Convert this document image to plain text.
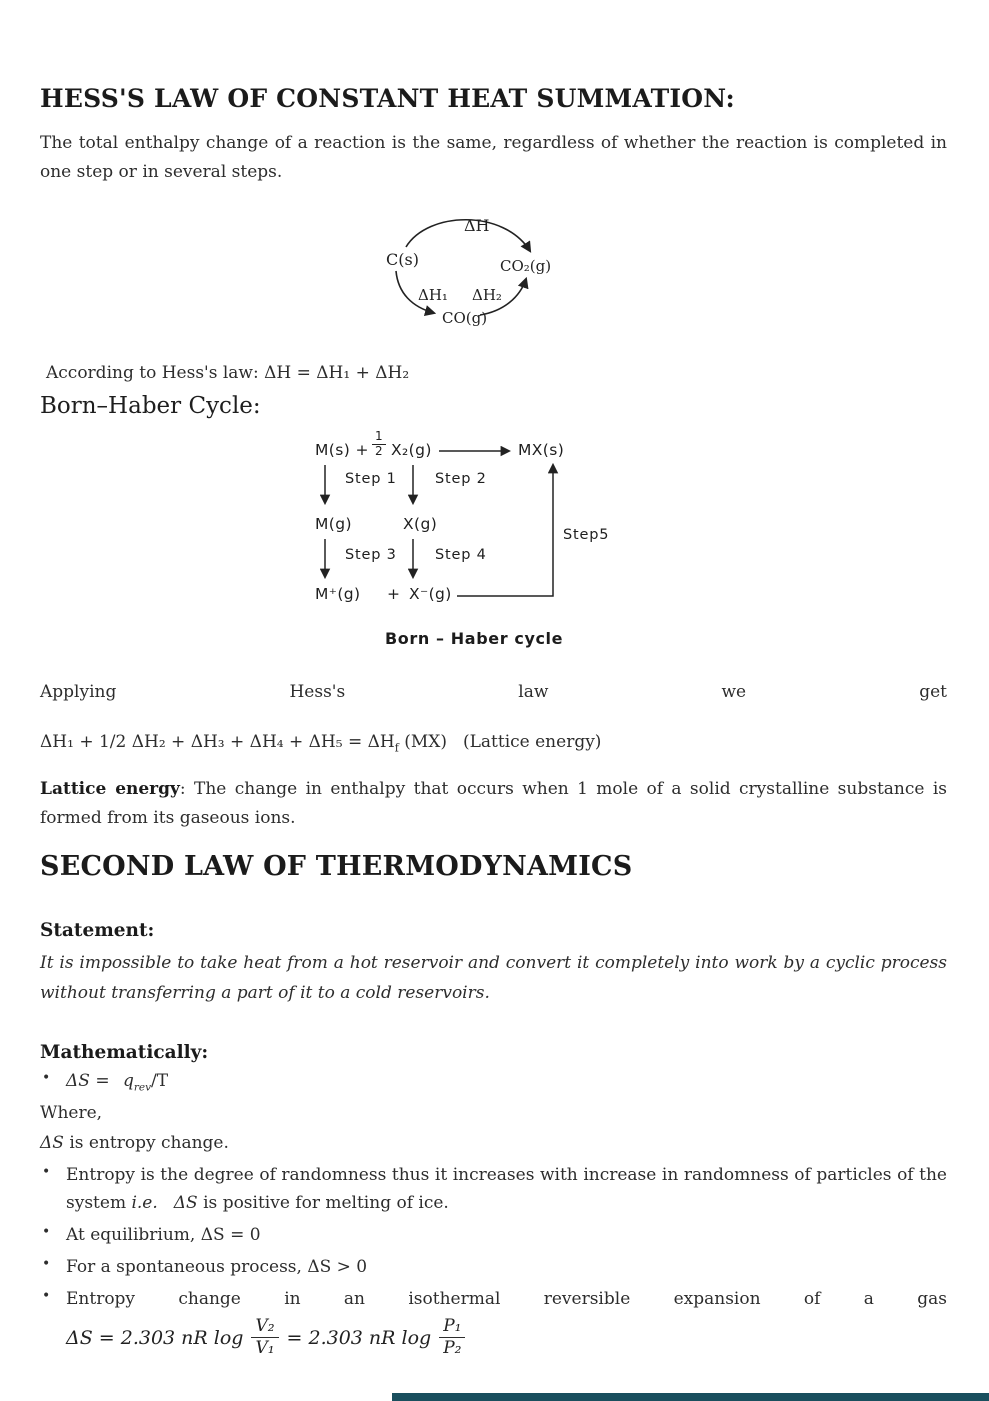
HESS'S LAW OF CONSTANT HEAT SUMMATION:

The total enthalpy change of a reaction is the same, regardless of whether the reaction is completed in one step or in several steps.

ΔH
C(s)	CO₂(g)
CO(g)
ΔH₁ ΔH₂

According to Hess's law: ΔH = ΔH₁ + ΔH₂

Born–Haber Cycle:
$M(s) + \frac{1}{2} X_2(g)$	MX(s)
Step 1	Step 2
M(g)	X(g)
Step 3	Step 4
M⁺(g) + X⁻(g)
Step5
Born – Haber cycle
Applying	Hess's	law	we	get

ΔH₁ + 1/2 $\Delta H_2 + \Delta H_3 + \Delta H_4 + \Delta H_5 = \Delta H_f$ (MX) (Lattice energy)

Lattice energy: The change in enthalpy that occurs when 1 mole of a solid crystalline substance is formed from its gaseous ions.

SECOND LAW OF THERMODYNAMICS
Statement:

It is impossible to take heat from a hot reservoir and convert it completely into work by a cyclic process without transferring a part of it to a cold reservoirs.

Mathematically:
• $\Delta S = q_{rev}/T$

Where,

ΔS is entropy change.

• Entropy is the degree of randomness thus it increases with increase in randomness of particles of the system i.e. ΔS is positive for melting of ice.
• At equilibrium, ΔS = 0
• For a spontaneous process, ΔS > 0
• Entropy	change	in	an	isothermal	reversible	expansion	of	a	gas
ΔS = 2.303 nR $\log \frac{\text{V₂}}{\text{V₁}} = 2.303$ nR $\log \frac{\text{P₁}}{\text{P₂}}$
